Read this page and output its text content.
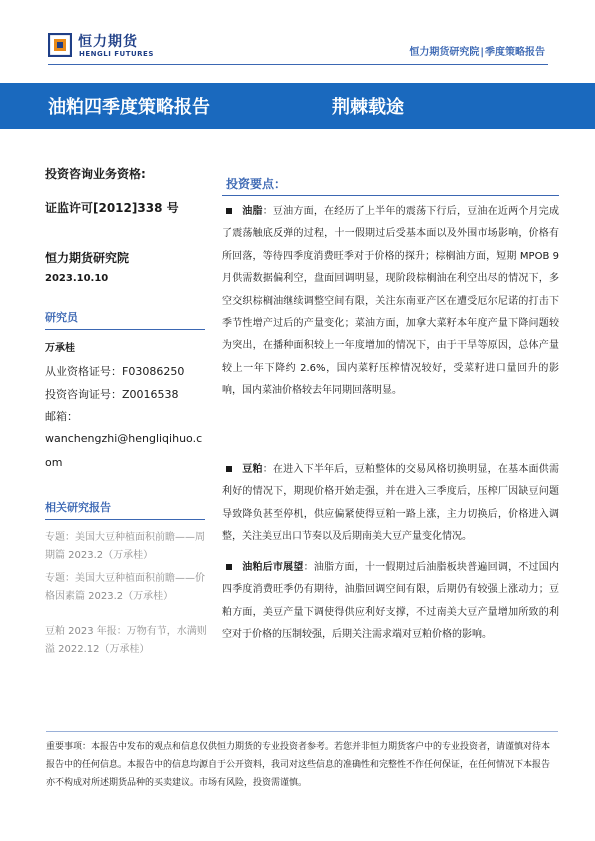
恒力期货
HENGLI FUTURES	恒力期货研究院|季度策略报告
油粕四季度策略报告	荆棘载途
投资咨询业务资格:
证监许可[2012]338 号
恒力期货研究院
2023.10.10
研究员
万承桂
从业资格证号：F03086250
投资咨询证号：Z0016538
邮箱：
wanchengzhi@hengliqihuo.c
om
相关研究报告
专题：美国大豆种植面积前瞻——周期篇 2023.2（万承桂）
专题：美国大豆种植面积前瞻——价格因素篇 2023.2（万承桂）
豆粕 2023 年报：万物有节，水满则溢 2022.12（万承桂）
投资要点：

油脂：豆油方面，在经历了上半年的震荡下行后，豆油在近两个月完成了震荡触底反弹的过程，十一假期过后受基本面以及外围市场影响，价格有所回落，等待四季度消费旺季对于价格的探升；棕榈油方面，短期 MPOB 9 月供需数据偏利空，盘面回调明显，现阶段棕榈油在利空出尽的情况下，多空交织棕榈油继续调整空间有限，关注东南亚产区在遭受厄尔尼诺的打击下季节性增产过后的产量变化；菜油方面，加拿大菜籽本年度产量下降问题较为突出，在播种面积较上一年度增加的情况下，由于干旱等原因，总体产量较上一年下降约 2.6%，国内菜籽压榨情况较好，受菜籽进口量回升的影响，国内菜油价格较去年同期回落明显。

豆粕：在进入下半年后，豆粕整体的交易风格切换明显，在基本面供需利好的情况下，期现价格开始走强，并在进入三季度后，压榨厂因缺豆问题导致降负甚至停机，供应偏紧使得豆粕一路上涨，主力切换后，价格进入调整，关注美豆出口节奏以及后期南美大豆产量变化情况。

油粕后市展望：油脂方面，十一假期过后油脂板块普遍回调，不过国内四季度消费旺季仍有期待，油脂回调空间有限，后期仍有较强上涨动力；豆粕方面，美豆产量下调使得供应利好支撑，不过南美大豆产量增加所致的利空对于价格的压制较强，后期关注需求端对豆粕价格的影响。

重要事项：本报告中发布的观点和信息仅供恒力期货的专业投资者参考。若您并非恒力期货客户中的专业投资者，请谨慎对待本报告中的任何信息。本报告中的信息均源自于公开资料，我司对这些信息的准确性和完整性不作任何保证，在任何情况下本报告亦不构成对所述期货品种的买卖建议。市场有风险，投资需谨慎。
